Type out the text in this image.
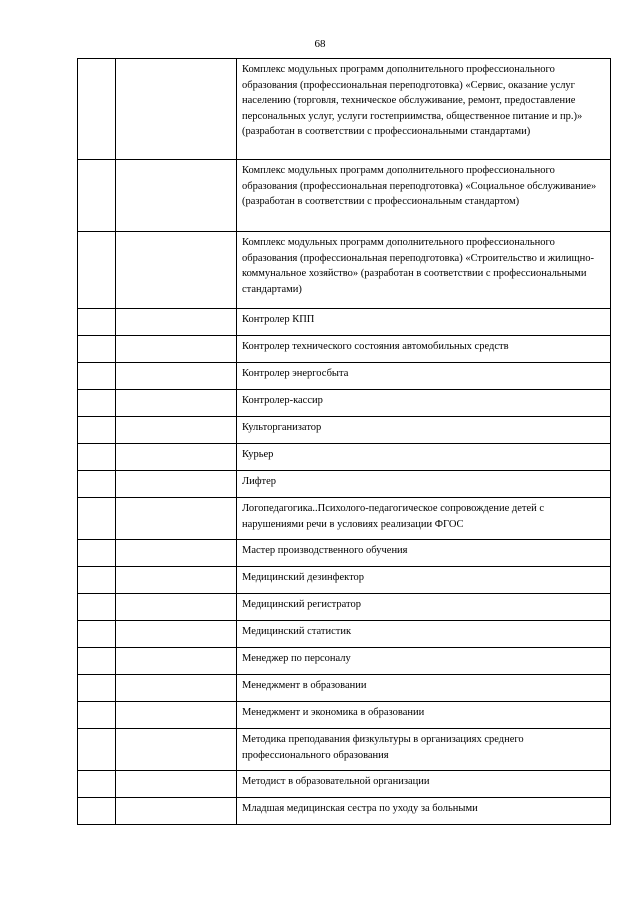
68
		Комплекс модульных программ дополнительного профессионального образования (профессиональная переподготовка) «Сервис, оказание услуг населению (торговля, техническое обслуживание, ремонт, предоставление персональных услуг, услуги гостеприимства, общественное питание и пр.)» (разработан в соответствии с профессиональными стандартами)
		Комплекс модульных программ дополнительного профессионального образования (профессиональная переподготовка) «Социальное обслуживание» (разработан в соответствии с профессиональным стандартом)
		Комплекс модульных программ дополнительного профессионального образования (профессиональная переподготовка) «Строительство и жилищно-коммунальное хозяйство» (разработан в соответствии с профессиональными стандартами)
		Контролер КПП
		Контролер технического состояния автомобильных средств
		Контролер энергосбыта
		Контролер-кассир
		Культорганизатор
		Курьер
		Лифтер
		Логопедагогика..Психолого-педагогическое сопровождение детей с нарушениями речи в условиях реализации ФГОС
		Мастер производственного обучения
		Медицинский дезинфектор
		Медицинский регистратор
		Медицинский статистик
		Менеджер по персоналу
		Менеджмент в образовании
		Менеджмент и экономика в образовании
		Методика преподавания физкультуры в организациях среднего профессионального образования
		Методист в образовательной организации
		Младшая медицинская сестра по уходу за больными
